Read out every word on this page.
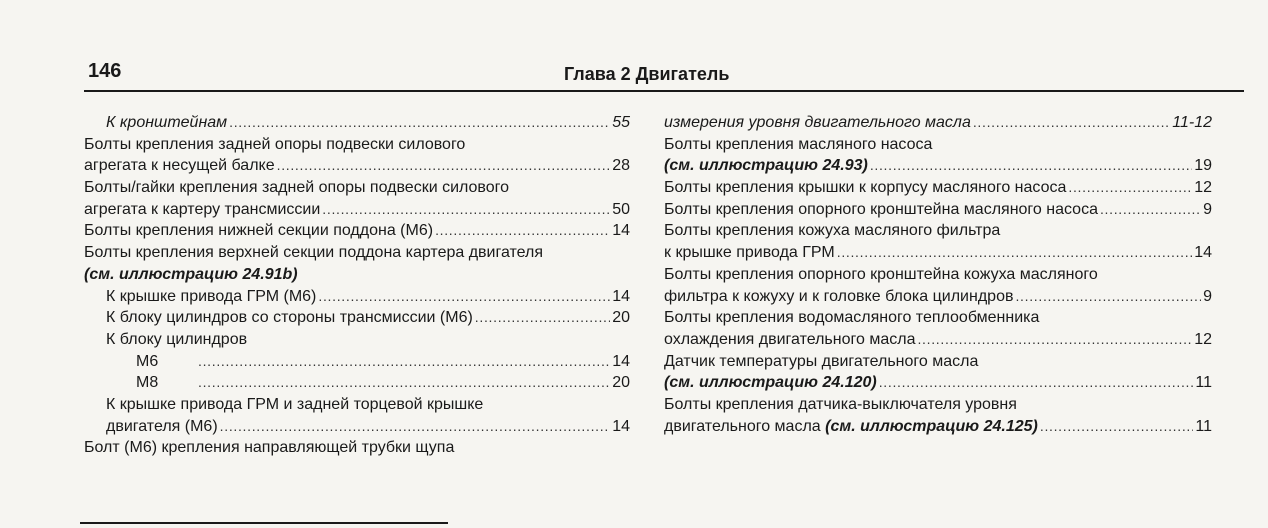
146	Глава 2 Двигатель
К кронштейнам . . .	55
Болты крепления задней опоры подвески силового
агрегата к несущей балке . . .	28
Болты/гайки крепления задней опоры подвески силового
агрегата к картеру трансмиссии . . .	50
Болты крепления нижней секции поддона (М6) . . .	14
Болты крепления верхней секции поддона картера двигателя
(см. иллюстрацию 24.91b)
К крышке привода ГРМ (М6) . . .	14
К блоку цилиндров со стороны трансмиссии (М6) . . .	20
К блоку цилиндров
М6 . . .	14
М8 . . .	20
К крышке привода ГРМ и задней торцевой крышке
двигателя (М6) . . .	14
Болт (М6) крепления направляющей трубки щупа
измерения уровня двигательного масла . . .	11-12
Болты крепления масляного насоса
(см. иллюстрацию 24.93) . . .	19
Болты крепления крышки к корпусу масляного насоса . . .	12
Болты крепления опорного кронштейна масляного насоса . . .	9
Болты крепления кожуха масляного фильтра
к крышке привода ГРМ . . .	14
Болты крепления опорного кронштейна кожуха масляного
фильтра к кожуху и к головке блока цилиндров . . .	9
Болты крепления водомасляного теплообменника
охлаждения двигательного масла . . .	12
Датчик температуры двигательного масла
(см. иллюстрацию 24.120) . . .	11
Болты крепления датчика-выключателя уровня
двигательного масла (см. иллюстрацию 24.125) . . .	11
